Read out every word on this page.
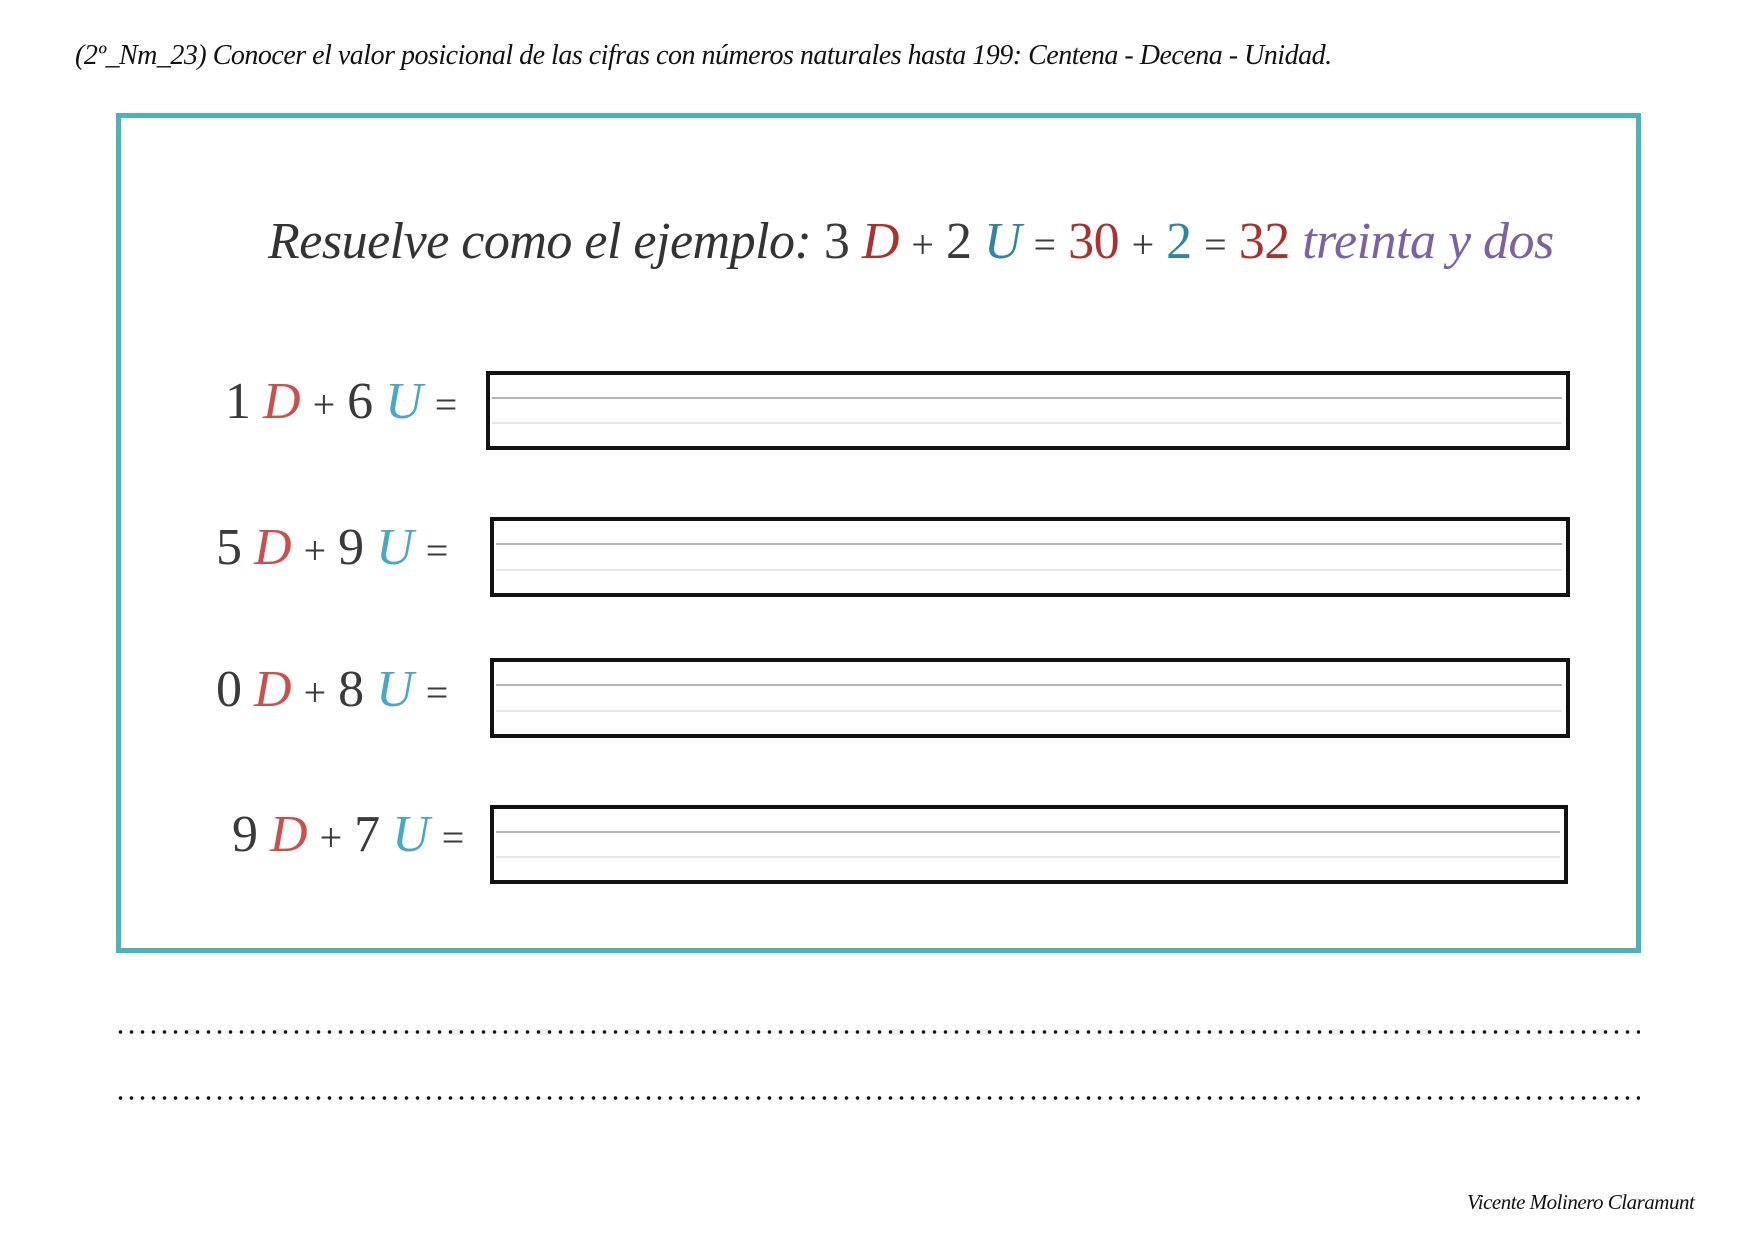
(2º_Nm_23) Conocer el valor posicional de las cifras con números naturales hasta 199: Centena - Decena - Unidad.
Resuelve como el ejemplo: 3 D + 2 U = 30 + 2 = 32 treinta y dos
1 D + 6 U =
5 D + 9 U =
0 D + 8 U =
9 D + 7 U =
Vicente Molinero Claramunt
